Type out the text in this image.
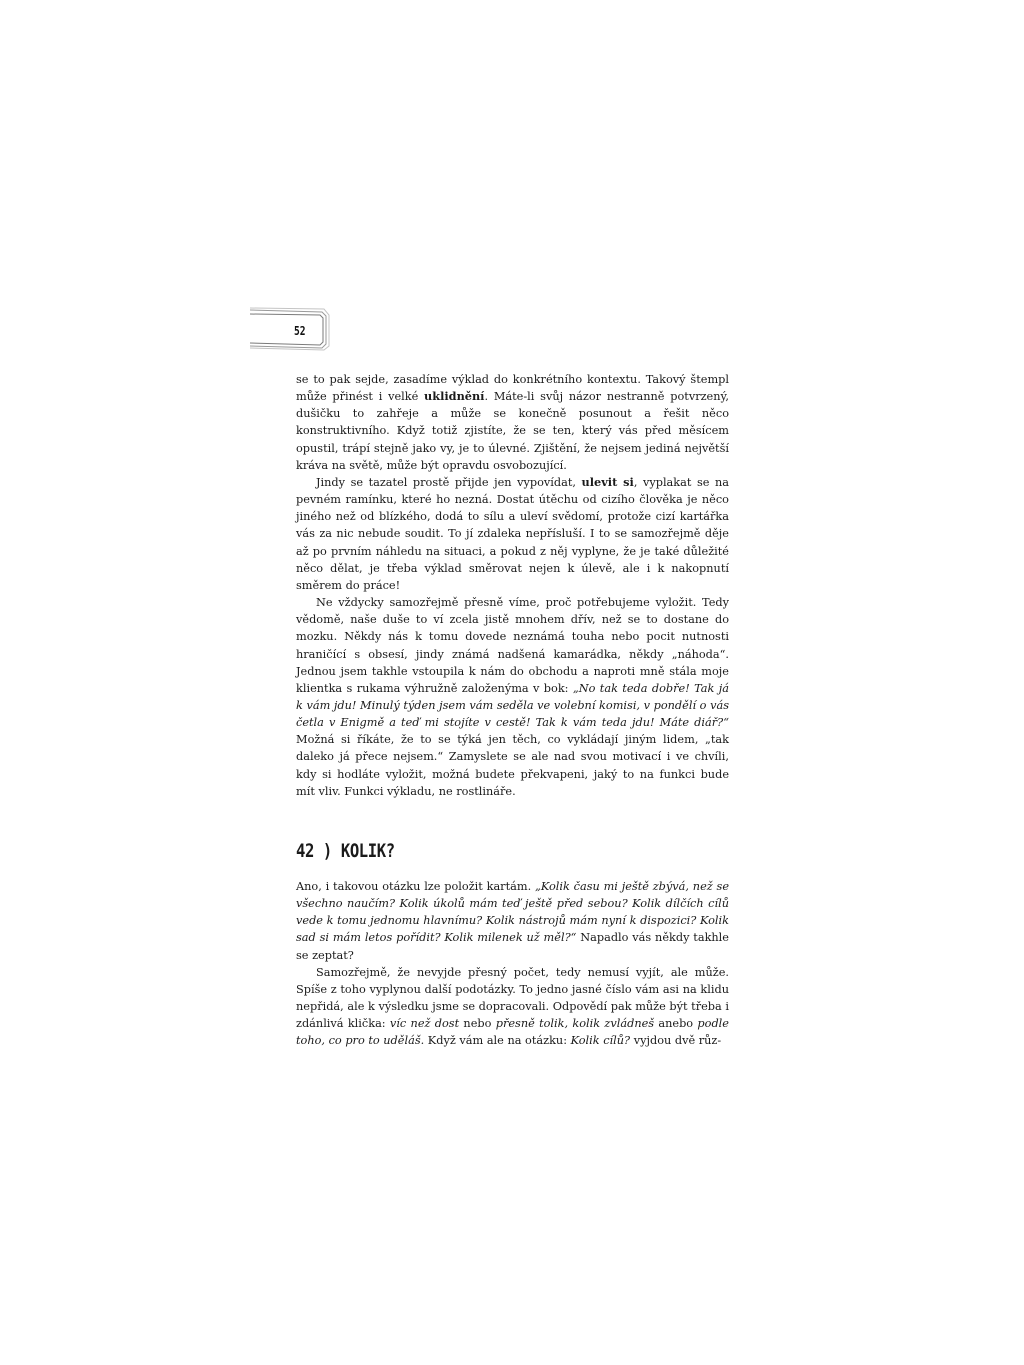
52

se to pak sejde, zasadíme výklad do konkrétního kontextu. Takový štempl může přinést i velké uklidnění. Máte-li svůj názor nestranně potvrzený, dušičku to zahřeje a může se konečně posunout a řešit něco konstruktivního. Když totiž zjistíte, že se ten, který vás před měsícem opustil, trápí stejně jako vy, je to úlevné. Zjištění, že nejsem jediná největší kráva na světě, může být opravdu osvobozující.

Jindy se tazatel prostě přijde jen vypovídat, ulevit si, vyplakat se na pevném ramínku, které ho nezná. Dostat útěchu od cizího člověka je něco jiného než od blízkého, dodá to sílu a uleví svědomí, protože cizí kartářka vás za nic nebude soudit. To jí zdaleka nepřísluší. I to se samozřejmě děje až po prvním náhledu na situaci, a pokud z něj vyplyne, že je také důležité něco dělat, je třeba výklad směrovat nejen k úlevě, ale i k nakopnutí směrem do práce!

Ne vždycky samozřejmě přesně víme, proč potřebujeme vyložit. Tedy vědomě, naše duše to ví zcela jistě mnohem dřív, než se to dostane do mozku. Někdy nás k tomu dovede neznámá touha nebo pocit nutnosti hraničící s obsesí, jindy známá nadšená kamarádka, někdy „náhoda“. Jednou jsem takhle vstoupila k nám do obchodu a naproti mně stála moje klientka s rukama výhružně založenýma v bok: „No tak teda dobře! Tak já k vám jdu! Minulý týden jsem vám seděla ve volební komisi, v pondělí o vás četla v Enigmě a teď mi stojíte v cestě! Tak k vám teda jdu! Máte diář?“ Možná si říkáte, že to se týká jen těch, co vykládají jiným lidem, „tak daleko já přece nejsem.“ Zamyslete se ale nad svou motivací i ve chvíli, kdy si hodláte vyložit, možná budete překvapeni, jaký to na funkci bude mít vliv. Funkci výkladu, ne rostlináře.

42 ) KOLIK?

Ano, i takovou otázku lze položit kartám. „Kolik času mi ještě zbývá, než se všechno naučím? Kolik úkolů mám teď ještě před sebou? Kolik dílčích cílů vede k tomu jednomu hlavnímu? Kolik nástrojů mám nyní k dispozici? Kolik sad si mám letos pořídit? Kolik milenek už měl?“ Napadlo vás někdy takhle se zeptat?

Samozřejmě, že nevyjde přesný počet, tedy nemusí vyjít, ale může. Spíše z toho vyplynou další podotázky. To jedno jasné číslo vám asi na klidu nepřidá, ale k výsledku jsme se dopracovali. Odpovědí pak může být třeba i zdánlivá klička: víc než dost nebo přesně tolik, kolik zvládneš anebo podle toho, co pro to uděláš. Když vám ale na otázku: Kolik cílů? vyjdou dvě růz-
